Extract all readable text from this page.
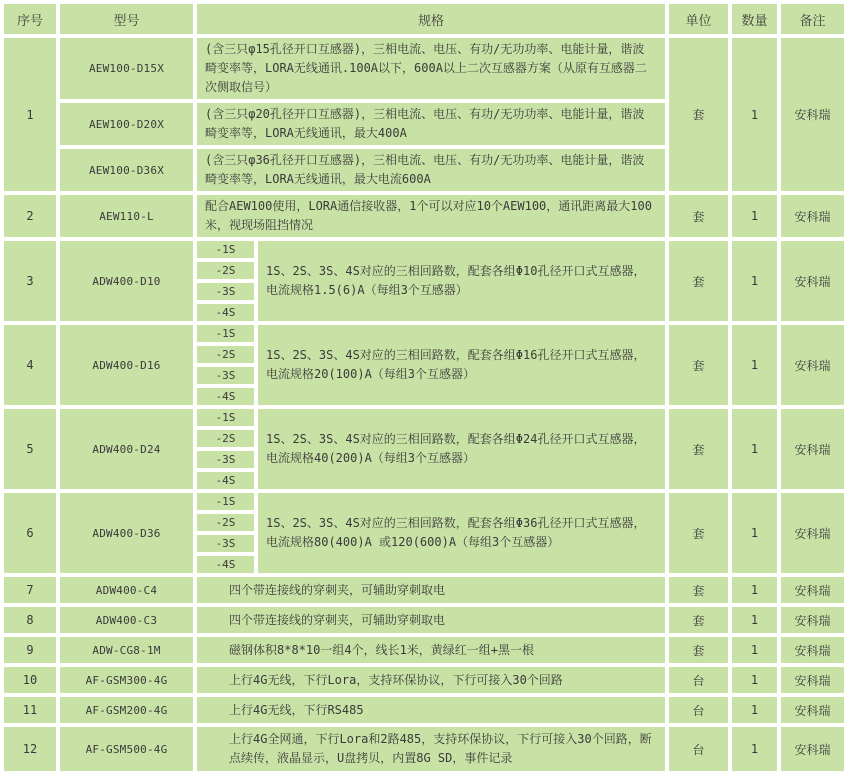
序号	型号	规格		单位	数量	备注
1	AEW100-D15X	(含三只φ15孔径开口互感器)，三相电流、电压、有功/无功功率、电能计量，谐波畸变率等，LORA无线通讯.100A以下，600A以上二次互感器方案（从原有互感器二次侧取信号）		套	1	安科瑞
	AEW100-D20X	(含三只φ20孔径开口互感器)，三相电流、电压、有功/无功功率、电能计量，谐波畸变率等，LORA无线通讯，最大400A				
	AEW100-D36X	(含三只φ36孔径开口互感器)，三相电流、电压、有功/无功功率、电能计量，谐波畸变率等，LORA无线通讯，最大电流600A				
2	AEW110-L	配合AEW100使用，LORA通信接收器，1个可以对应10个AEW100，通讯距离最大100米，视现场阻挡情况		套	1	安科瑞
3	ADW400-D10	-1S	1S、2S、3S、4S对应的三相回路数，配套各组Φ10孔径开口式互感器，电流规格1.5(6)A（每组3个互感器）	套	1	安科瑞
		-2S				
		-3S				
		-4S				
4	ADW400-D16	-1S	1S、2S、3S、4S对应的三相回路数，配套各组Φ16孔径开口式互感器，电流规格20(100)A（每组3个互感器）	套	1	安科瑞
		-2S				
		-3S				
		-4S				
5	ADW400-D24	-1S	1S、2S、3S、4S对应的三相回路数，配套各组Φ24孔径开口式互感器，电流规格40(200)A（每组3个互感器）	套	1	安科瑞
		-2S				
		-3S				
		-4S				
6	ADW400-D36	-1S	1S、2S、3S、4S对应的三相回路数，配套各组Φ36孔径开口式互感器，电流规格80(400)A 或120(600)A（每组3个互感器）	套	1	安科瑞
		-2S				
		-3S				
		-4S				
7	ADW400-C4	四个带连接线的穿刺夹，可辅助穿刺取电		套	1	安科瑞
8	ADW400-C3	四个带连接线的穿刺夹，可辅助穿刺取电		套	1	安科瑞
9	ADW-CG8-1M	磁钢体积8*8*10一组4个，线长1米，黄绿红一组+黑一根		套	1	安科瑞
10	AF-GSM300-4G	上行4G无线，下行Lora，支持环保协议，下行可接入30个回路		台	1	安科瑞
11	AF-GSM200-4G	上行4G无线，下行RS485		台	1	安科瑞
12	AF-GSM500-4G	上行4G全网通，下行Lora和2路485，支持环保协议，下行可接入30个回路，断点续传，液晶显示，U盘拷贝，内置8G SD，事件记录		台	1	安科瑞
